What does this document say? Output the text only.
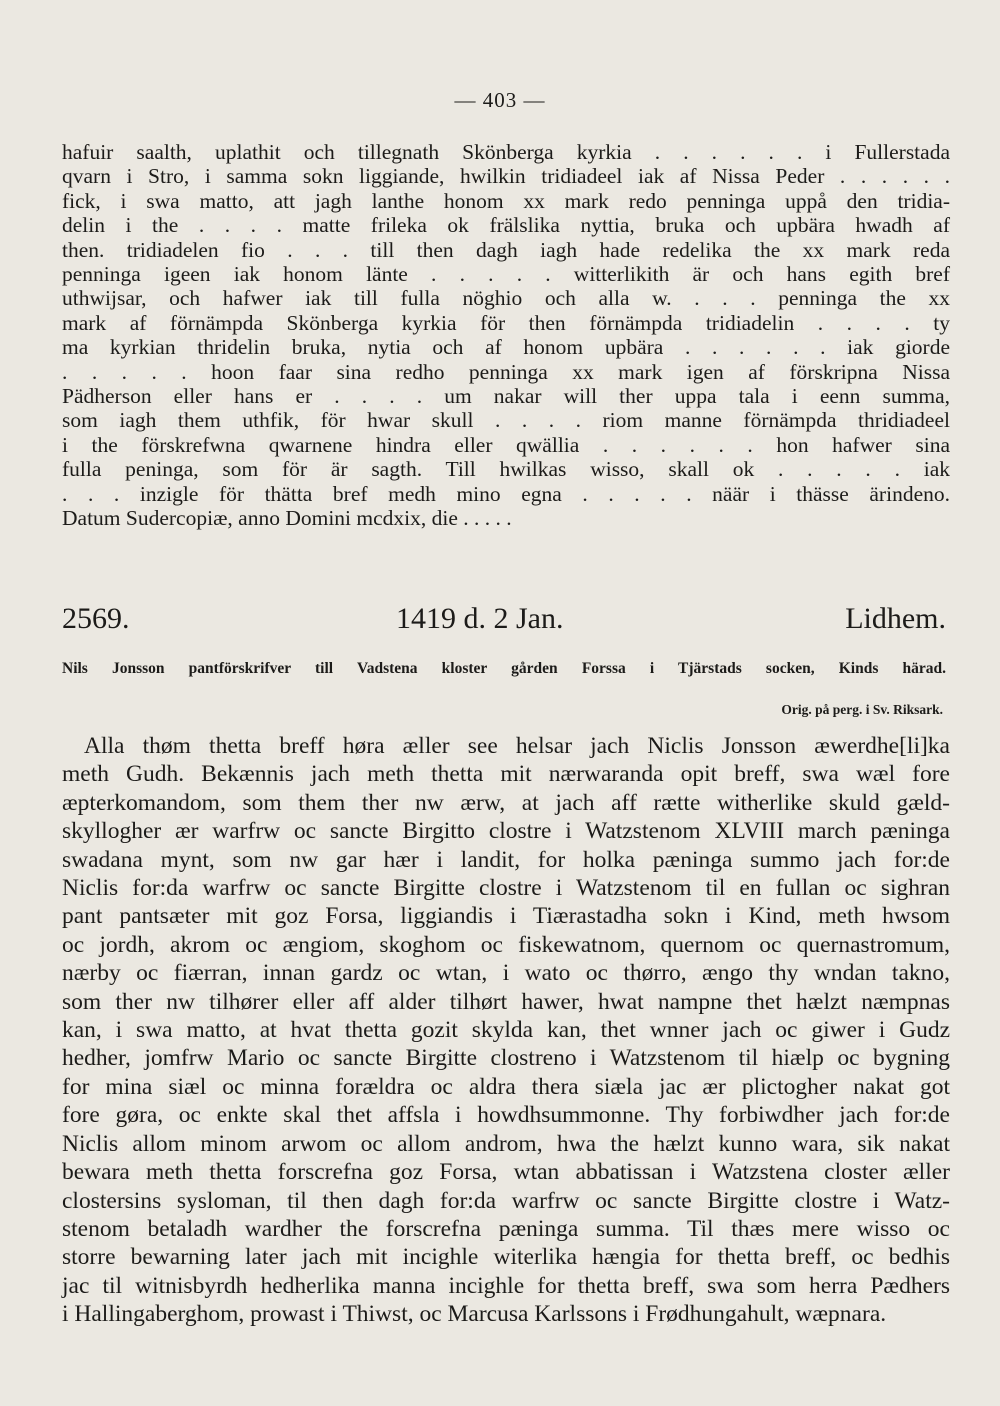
— 403 —
hafuir saalth, uplathit och tillegnath Skönberga kyrkia . . . . . . i Fullerstada
qvarn i Stro, i samma sokn liggiande, hwilkin tridiadeel iak af Nissa Peder . . . . . .
fick, i swa matto, att jagh lanthe honom xx mark redo penninga uppå den tridia-
delin i the . . . . matte frileka ok frälslika nyttia, bruka och upbära hwadh af
then. tridiadelen fio . . . till then dagh iagh hade redelika the xx mark reda
penninga igeen iak honom länte . . . . . witterlikith är och hans egith bref
uthwijsar, och hafwer iak till fulla nöghio och alla w. . . . penninga the xx
mark af förnämpda Skönberga kyrkia för then förnämpda tridiadelin . . . . ty
ma kyrkian thridelin bruka, nytia och af honom upbära . . . . . . iak giorde
. . . . . hoon faar sina redho penninga xx mark igen af förskripna Nissa
Pädherson eller hans er . . . . um nakar will ther uppa tala i eenn summa,
som iagh them uthfik, för hwar skull . . . . riom manne förnämpda thridiadeel
i the förskrefwna qwarnene hindra eller qwällia . . . . . . hon hafwer sina
fulla peninga, som för är sagth. Till hwilkas wisso, skall ok . . . . . iak
. . . inzigle för thätta bref medh mino egna . . . . . näär i thässe ärindeno.
Datum Sudercopiæ, anno Domini mcdxix, die . . . . .
2569.	1419 d. 2 Jan.	Lidhem.
Nils Jonsson pantförskrifver till Vadstena kloster gården Forssa i Tjärstads socken, Kinds härad.
Orig. på perg. i Sv. Riksark.
Alla thøm thetta breff høra æller see helsar jach Niclis Jonsson æwerdhe[li]ka
meth Gudh. Bekænnis jach meth thetta mit nærwaranda opit breff, swa wæl fore
æpterkomandom, som them ther nw ærw, at jach aff rætte witherlike skuld gæld-
skyllogher ær warfrw oc sancte Birgitto clostre i Watzstenom XLVIII march pæninga
swadana mynt, som nw gar hær i landit, for holka pæninga summo jach for:de
Niclis for:da warfrw oc sancte Birgitte clostre i Watzstenom til en fullan oc sighran
pant pantsæter mit goz Forsa, liggiandis i Tiærastadha sokn i Kind, meth hwsom
oc jordh, akrom oc ængiom, skoghom oc fiskewatnom, quernom oc quernastromum,
nærby oc fiærran, innan gardz oc wtan, i wato oc thørro, ængo thy wndan takno,
som ther nw tilhører eller aff alder tilhørt hawer, hwat nampne thet hælzt næmpnas
kan, i swa matto, at hvat thetta gozit skylda kan, thet wnner jach oc giwer i Gudz
hedher, jomfrw Mario oc sancte Birgitte clostreno i Watzstenom til hiælp oc bygning
for mina siæl oc minna forældra oc aldra thera siæla jac ær plictogher nakat got
fore gøra, oc enkte skal thet affsla i howdhsummonne. Thy forbiwdher jach for:de
Niclis allom minom arwom oc allom androm, hwa the hælzt kunno wara, sik nakat
bewara meth thetta forscrefna goz Forsa, wtan abbatissan i Watzstena closter æller
clostersins sysloman, til then dagh for:da warfrw oc sancte Birgitte clostre i Watz-
stenom betaladh wardher the forscrefna pæninga summa. Til thæs mere wisso oc
storre bewarning later jach mit incighle witerlika hængia for thetta breff, oc bedhis
jac til witnisbyrdh hedherlika manna incighle for thetta breff, swa som herra Pædhers
i Hallingaberghom, prowast i Thiwst, oc Marcusa Karlssons i Frødhungahult, wæpnara.
